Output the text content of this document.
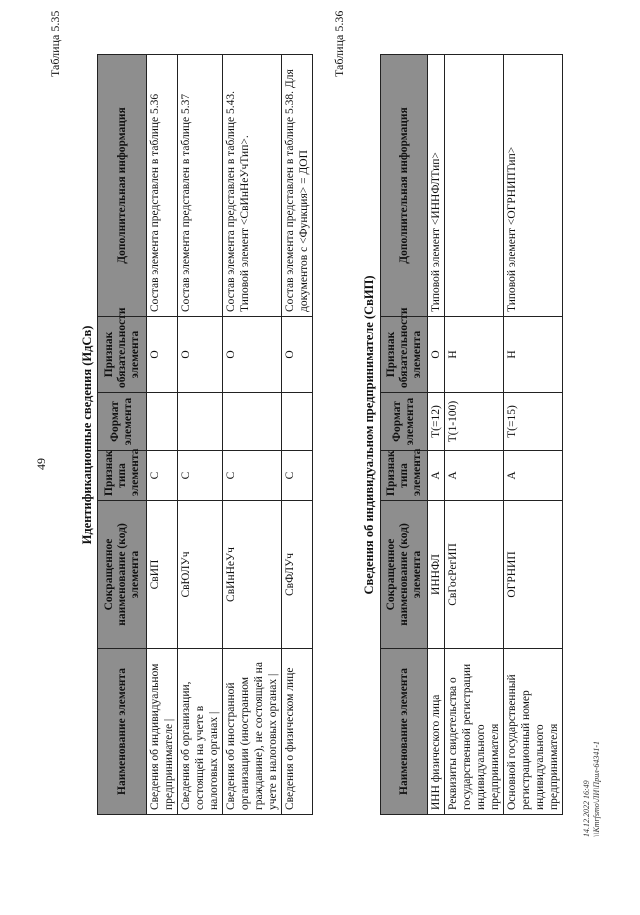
49
Таблица 5.35
Идентификационные сведения (ИдСв)
Наименование элемента	Сокращенное наименование (код) элемента	Признак типа элемента	Формат элемента	Признак обязательности элемента	Дополнительная информация
Сведения об индивидуальном предпринимателе |	СвИП	С		О	Состав элемента представлен в таблице 5.36
Сведения об организации, состоящей на учете в налоговых органах |	СвЮЛУч	С		О	Состав элемента представлен в таблице 5.37
Сведения об иностранной организации (иностранном гражданине), не состоящей на учете в налоговых органах |	СвИнНеУч	С		О	Состав элемента представлен в таблице 5.43. Типовой элемент <СвИнНеУчТип>.
Сведения о физическом лице	СвФЛУч	С		О	Состав элемента представлен в таблице 5.38. Для документов с <Функция> = ДОП
Таблица 5.36
Сведения об индивидуальном предпринимателе (СвИП)
Наименование элемента	Сокращенное наименование (код) элемента	Признак типа элемента	Формат элемента	Признак обязательности элемента	Дополнительная информация
ИНН физического лица	ИННФЛ	А	T(=12)	О	Типовой элемент <ИННФЛТип>
Реквизиты свидетельства о государственной регистрации индивидуального предпринимателя	СвГосРегИП	А	T(1-100)	Н	
Основной государственный регистрационный номер индивидуального предпринимателя	ОГРНИП	А	T(=15)	Н	Типовой элемент <ОГРНИПТип>
14.12.2022 16:49 \\Kmrfsmo\ЛИ\Прил-64341-1
